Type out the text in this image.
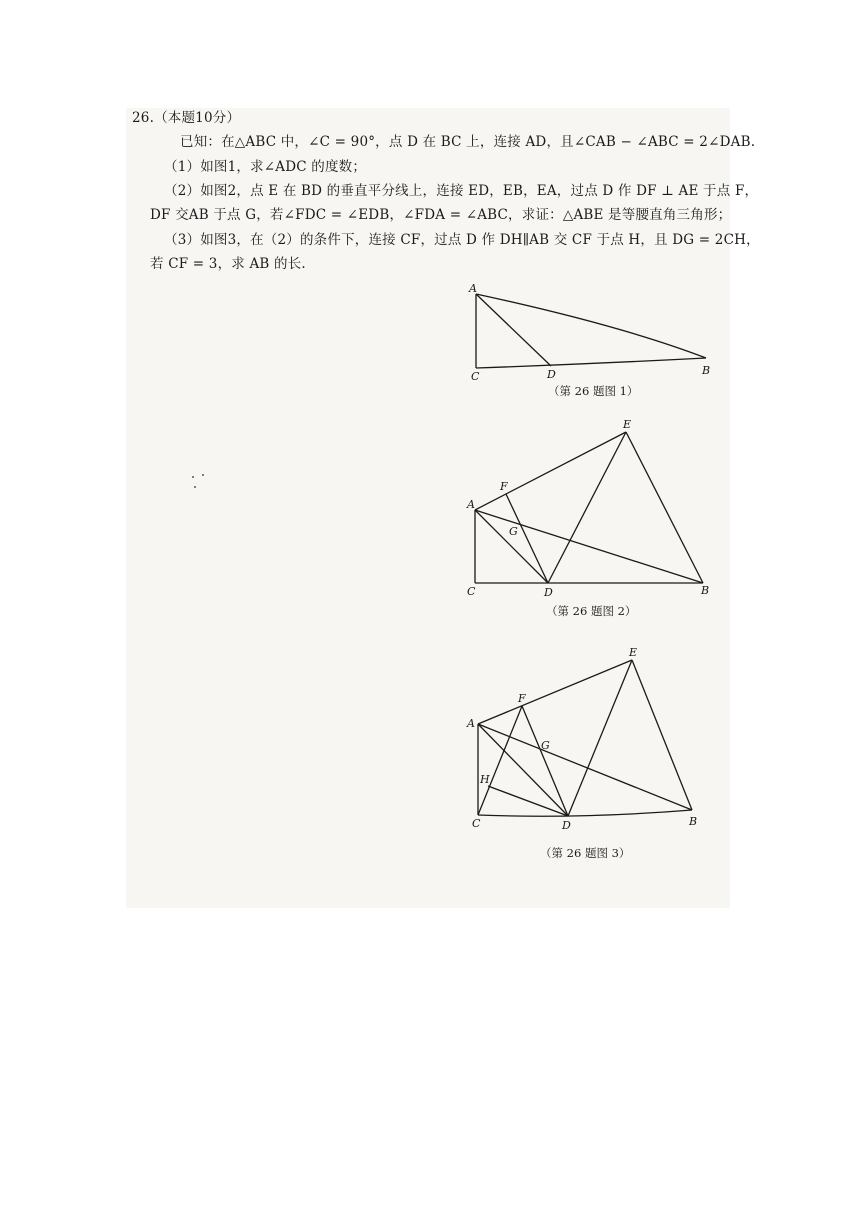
26.（本题10分）
已知：在△ABC 中，∠C = 90°，点 D 在 BC 上，连接 AD，且∠CAB − ∠ABC = 2∠DAB.
（1）如图1，求∠ADC 的度数；
（2）如图2，点 E 在 BD 的垂直平分线上，连接 ED，EB，EA，过点 D 作 DF ⊥ AE 于点 F，
DF 交AB 于点 G，若∠FDC = ∠EDB，∠FDA = ∠ABC，求证：△ABE 是等腰直角三角形；
（3）如图3，在（2）的条件下，连接 CF，过点 D 作 DH∥AB 交 CF 于点 H，且 DG = 2CH，
若 CF = 3，求 AB 的长.
A
C	D	B
A
C	D	B
E
F
G
A
C	D	B
E
F
G
H
（第 26 题图 1）
（第 26 题图 2）
（第 26 题图 3）
